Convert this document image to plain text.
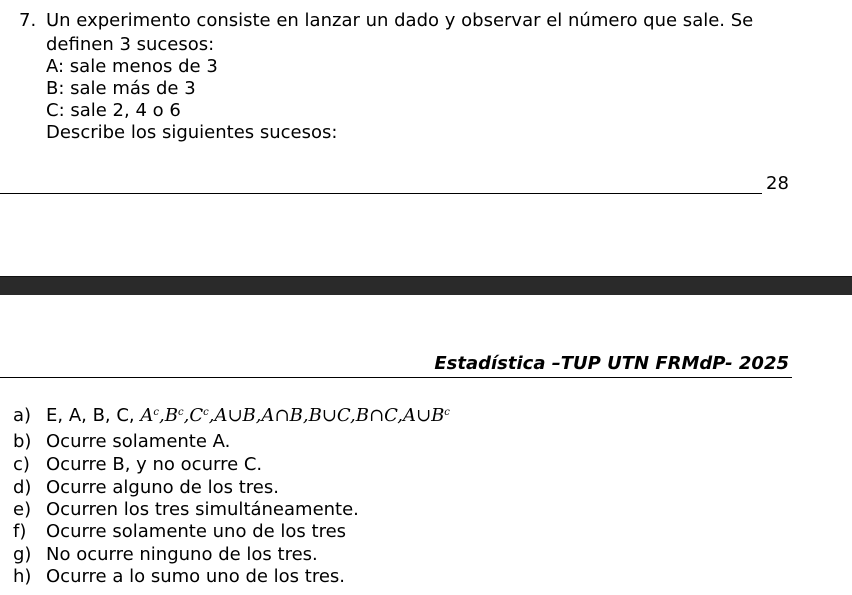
7. Un experimento consiste en lanzar un dado y observar el número que sale. Se
definen 3 sucesos:
A: sale menos de 3
B: sale más de 3
C: sale 2, 4 o 6
Describe los siguientes sucesos:
28
Estadística –TUP UTN FRMdP- 2025
a) E, A, B, C, $A^c,B^c,C^c,A\cup B,A\cap B,B\cup C,B\cap C,A\cup B^c$
b) Ocurre solamente A.
c) Ocurre B, y no ocurre C.
d) Ocurre alguno de los tres.
e) Ocurren los tres simultáneamente.
f) Ocurre solamente uno de los tres
g) No ocurre ninguno de los tres.
h) Ocurre a lo sumo uno de los tres.
